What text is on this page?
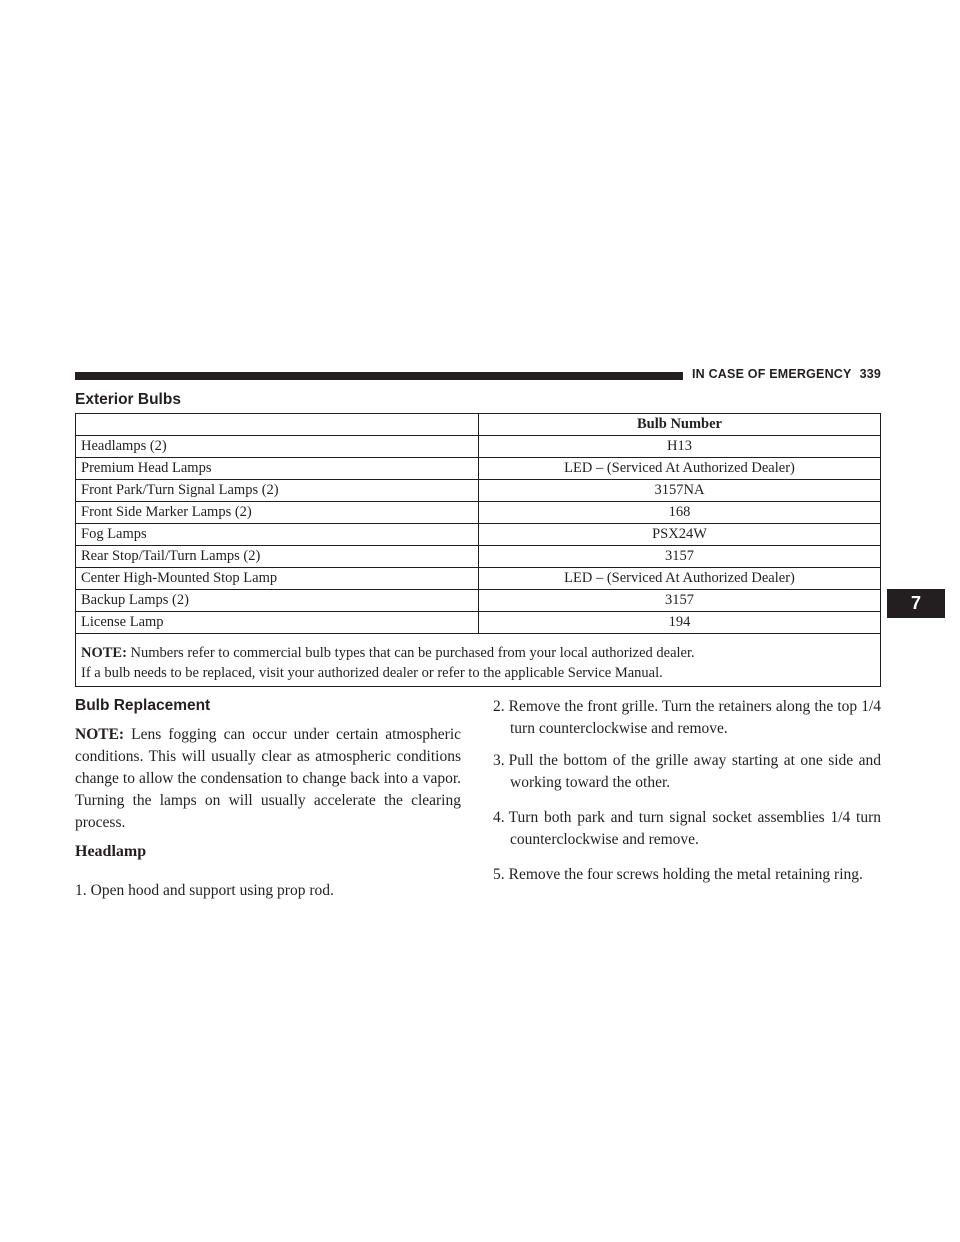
IN CASE OF EMERGENCY 339
7
Exterior Bulbs
	Bulb Number
Headlamps (2)	H13
Premium Head Lamps	LED – (Serviced At Authorized Dealer)
Front Park/Turn Signal Lamps (2)	3157NA
Front Side Marker Lamps (2)	168
Fog Lamps	PSX24W
Rear Stop/Tail/Turn Lamps (2)	3157
Center High-Mounted Stop Lamp	LED – (Serviced At Authorized Dealer)
Backup Lamps (2)	3157
License Lamp	194
NOTE: Numbers refer to commercial bulb types that can be purchased from your local authorized dealer.
If a bulb needs to be replaced, visit your authorized dealer or refer to the applicable Service Manual.	
Bulb Replacement

NOTE: Lens fogging can occur under certain atmospheric conditions. This will usually clear as atmospheric conditions change to allow the condensation to change back into a vapor. Turning the lamps on will usually accelerate the clearing process.

Headlamp

1. Open hood and support using prop rod.

2. Remove the front grille. Turn the retainers along the top 1/4 turn counterclockwise and remove.

3. Pull the bottom of the grille away starting at one side and working toward the other.

4. Turn both park and turn signal socket assemblies 1/4 turn counterclockwise and remove.

5. Remove the four screws holding the metal retaining ring.
